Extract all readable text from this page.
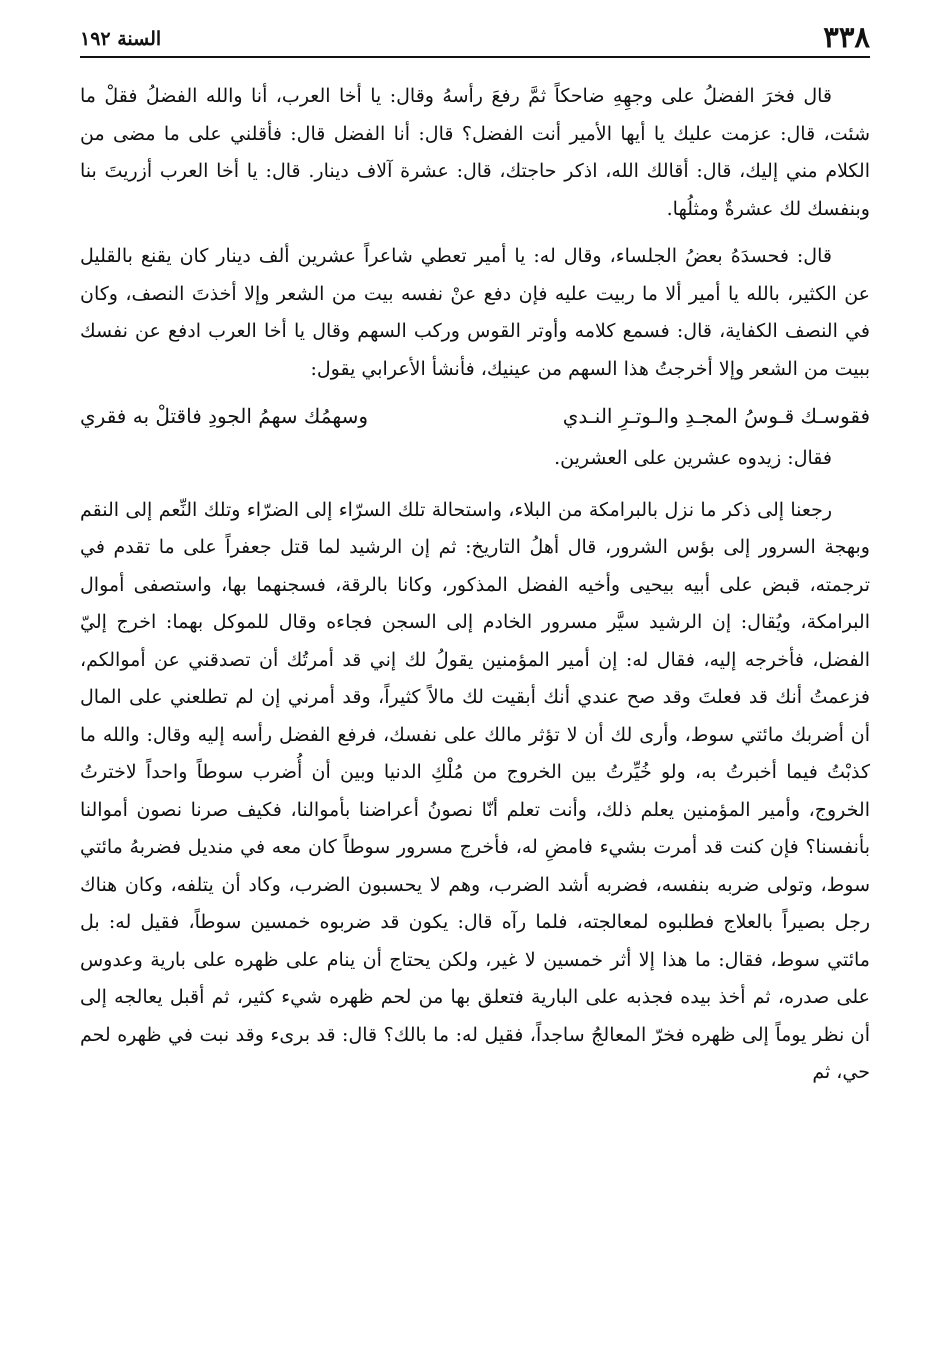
٣٣٨
السنة ١٩٢

قال فخرَ الفضلُ على وجهِهِ ضاحكاً ثمَّ رفعَ رأسهُ وقال: يا أخا العرب، أنا والله الفضلُ فقلْ ما شئت، قال: عزمت عليك يا أيها الأمير أنت الفضل؟ قال: أنا الفضل قال: فأقلني على ما مضى من الكلام مني إليك، قال: أقالك الله، اذكر حاجتك، قال: عشرة آلاف دينار. قال: يا أخا العرب أزريتَ بنا وبنفسك لك عشرةٌ ومثلُها.

قال: فحسدَهُ بعضُ الجلساء، وقال له: يا أمير تعطي شاعراً عشرين ألف دينار كان يقنع بالقليل عن الكثير، بالله يا أمير ألا ما ربيت عليه فإن دفع عنْ نفسه بيت من الشعر وإلا أخذتَ النصف، وكان في النصف الكفاية، قال: فسمع كلامه وأوتر القوس وركب السهم وقال يا أخا العرب ادفع عن نفسك ببيت من الشعر وإلا أخرجتُ هذا السهم من عينيك، فأنشأ الأعرابي يقول:

فقوسـك قـوسُ المجـدِ والـوتـرِ النـدي
وسهمُك سهمُ الجودِ فاقتلْ به فقري

فقال: زيدوه عشرين على العشرين.

رجعنا إلى ذكر ما نزل بالبرامكة من البلاء، واستحالة تلك السرّاء إلى الضرّاء وتلك النِّعم إلى النقم وبهجة السرور إلى بؤس الشرور، قال أهلُ التاريخ: ثم إن الرشيد لما قتل جعفراً على ما تقدم في ترجمته، قبض على أبيه بيحيى وأخيه الفضل المذكور، وكانا بالرقة، فسجنهما بها، واستصفى أموال البرامكة، ويُقال: إن الرشيد سيَّر مسرور الخادم إلى السجن فجاءه وقال للموكل بهما: اخرج إليّ الفضل، فأخرجه إليه، فقال له: إن أمير المؤمنين يقولُ لك إني قد أمرتُك أن تصدقني عن أموالكم، فزعمتُ أنك قد فعلتَ وقد صح عندي أنك أبقيت لك مالاً كثيراً، وقد أمرني إن لم تطلعني على المال أن أضربك مائتي سوط، وأرى لك أن لا تؤثر مالك على نفسك، فرفع الفضل رأسه إليه وقال: والله ما كذبْتُ فيما أخبرتُ به، ولو خُيِّرتُ بين الخروج من مُلْكِ الدنيا وبين أن أُضرب سوطاً واحداً لاخترتُ الخروج، وأمير المؤمنين يعلم ذلك، وأنت تعلم أنّا نصونُ أعراضنا بأموالنا، فكيف صرنا نصون أموالنا بأنفسنا؟ فإن كنت قد أمرت بشيء فامضِ له، فأخرج مسرور سوطاً كان معه في منديل فضربهُ مائتي سوط، وتولى ضربه بنفسه، فضربه أشد الضرب، وهم لا يحسبون الضرب، وكاد أن يتلفه، وكان هناك رجل بصيراً بالعلاج فطلبوه لمعالجته، فلما رآه قال: يكون قد ضربوه خمسين سوطاً، فقيل له: بل مائتي سوط، فقال: ما هذا إلا أثر خمسين لا غير، ولكن يحتاج أن ينام على ظهره على بارية وعدوس على صدره، ثم أخذ بيده فجذبه على البارية فتعلق بها من لحم ظهره شيء كثير، ثم أقبل يعالجه إلى أن نظر يوماً إلى ظهره فخرّ المعالجُ ساجداً، فقيل له: ما بالك؟ قال: قد برىء وقد نبت في ظهره لحم حي، ثم
